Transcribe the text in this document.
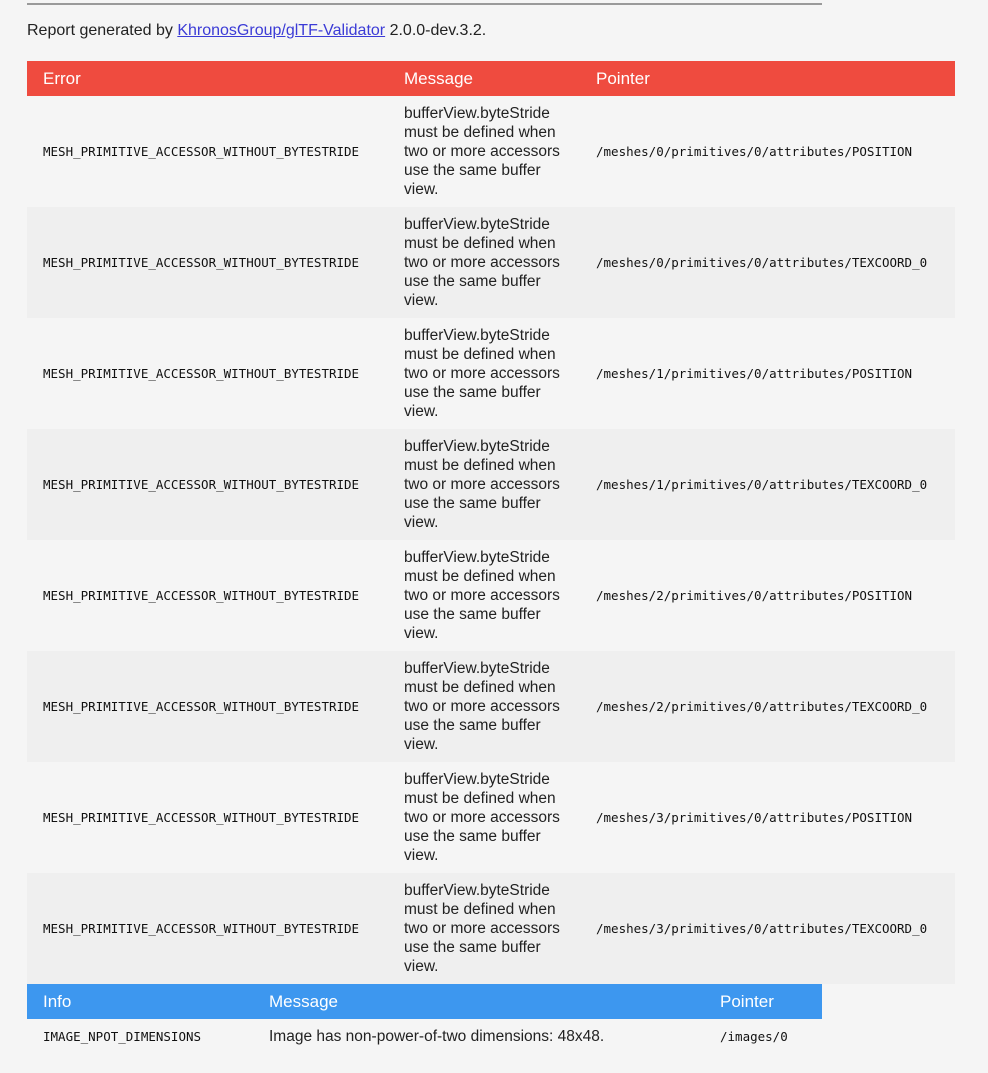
Report generated by KhronosGroup/glTF-Validator 2.0.0-dev.3.2.
Error	Message	Pointer
MESH_PRIMITIVE_ACCESSOR_WITHOUT_BYTESTRIDE	bufferView.byteStride must be defined when two or more accessors use the same buffer view.	/meshes/0/primitives/0/attributes/POSITION
MESH_PRIMITIVE_ACCESSOR_WITHOUT_BYTESTRIDE	bufferView.byteStride must be defined when two or more accessors use the same buffer view.	/meshes/0/primitives/0/attributes/TEXCOORD_0
MESH_PRIMITIVE_ACCESSOR_WITHOUT_BYTESTRIDE	bufferView.byteStride must be defined when two or more accessors use the same buffer view.	/meshes/1/primitives/0/attributes/POSITION
MESH_PRIMITIVE_ACCESSOR_WITHOUT_BYTESTRIDE	bufferView.byteStride must be defined when two or more accessors use the same buffer view.	/meshes/1/primitives/0/attributes/TEXCOORD_0
MESH_PRIMITIVE_ACCESSOR_WITHOUT_BYTESTRIDE	bufferView.byteStride must be defined when two or more accessors use the same buffer view.	/meshes/2/primitives/0/attributes/POSITION
MESH_PRIMITIVE_ACCESSOR_WITHOUT_BYTESTRIDE	bufferView.byteStride must be defined when two or more accessors use the same buffer view.	/meshes/2/primitives/0/attributes/TEXCOORD_0
MESH_PRIMITIVE_ACCESSOR_WITHOUT_BYTESTRIDE	bufferView.byteStride must be defined when two or more accessors use the same buffer view.	/meshes/3/primitives/0/attributes/POSITION
MESH_PRIMITIVE_ACCESSOR_WITHOUT_BYTESTRIDE	bufferView.byteStride must be defined when two or more accessors use the same buffer view.	/meshes/3/primitives/0/attributes/TEXCOORD_0
Info	Message	Pointer
IMAGE_NPOT_DIMENSIONS	Image has non-power-of-two dimensions: 48x48.	/images/0
